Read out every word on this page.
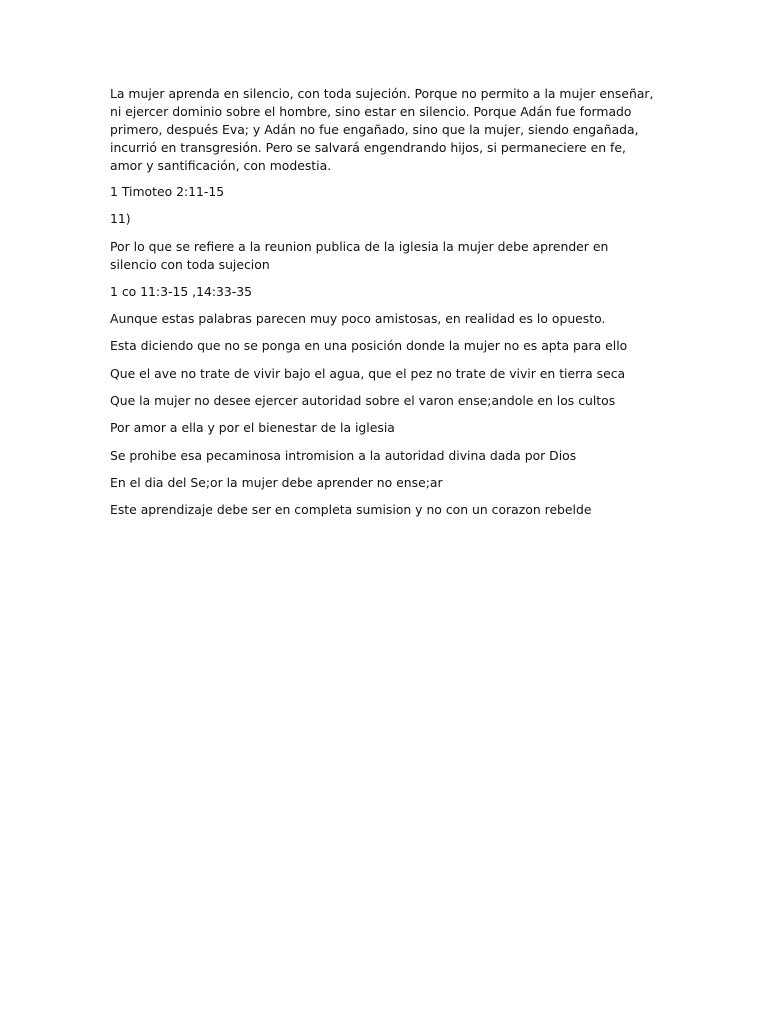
La mujer aprenda en silencio, con toda sujeción. Porque no permito a la mujer enseñar, ni ejercer dominio sobre el hombre, sino estar en silencio. Porque Adán fue formado primero, después Eva; y Adán no fue engañado, sino que la mujer, siendo engañada, incurrió en transgresión. Pero se salvará engendrando hijos, si permaneciere en fe, amor y santificación, con modestia.

1 Timoteo 2:11-15

11)

Por lo que se refiere a la reunion publica de la iglesia la mujer debe aprender en silencio con toda sujecion

1 co 11:3-15 ,14:33-35

Aunque estas palabras parecen muy poco amistosas, en realidad es lo opuesto.

Esta diciendo que no se ponga en una posición donde la mujer no es apta para ello

Que el ave no trate de vivir bajo el agua, que el pez no trate de vivir en tierra seca

Que la mujer no desee ejercer autoridad sobre el varon ense;andole en los cultos

Por amor a ella y por el bienestar de la iglesia

Se prohibe esa pecaminosa intromision a la autoridad divina dada por Dios

En el dia del Se;or la mujer debe aprender no ense;ar

Este aprendizaje debe ser en completa sumision y no con un corazon rebelde
